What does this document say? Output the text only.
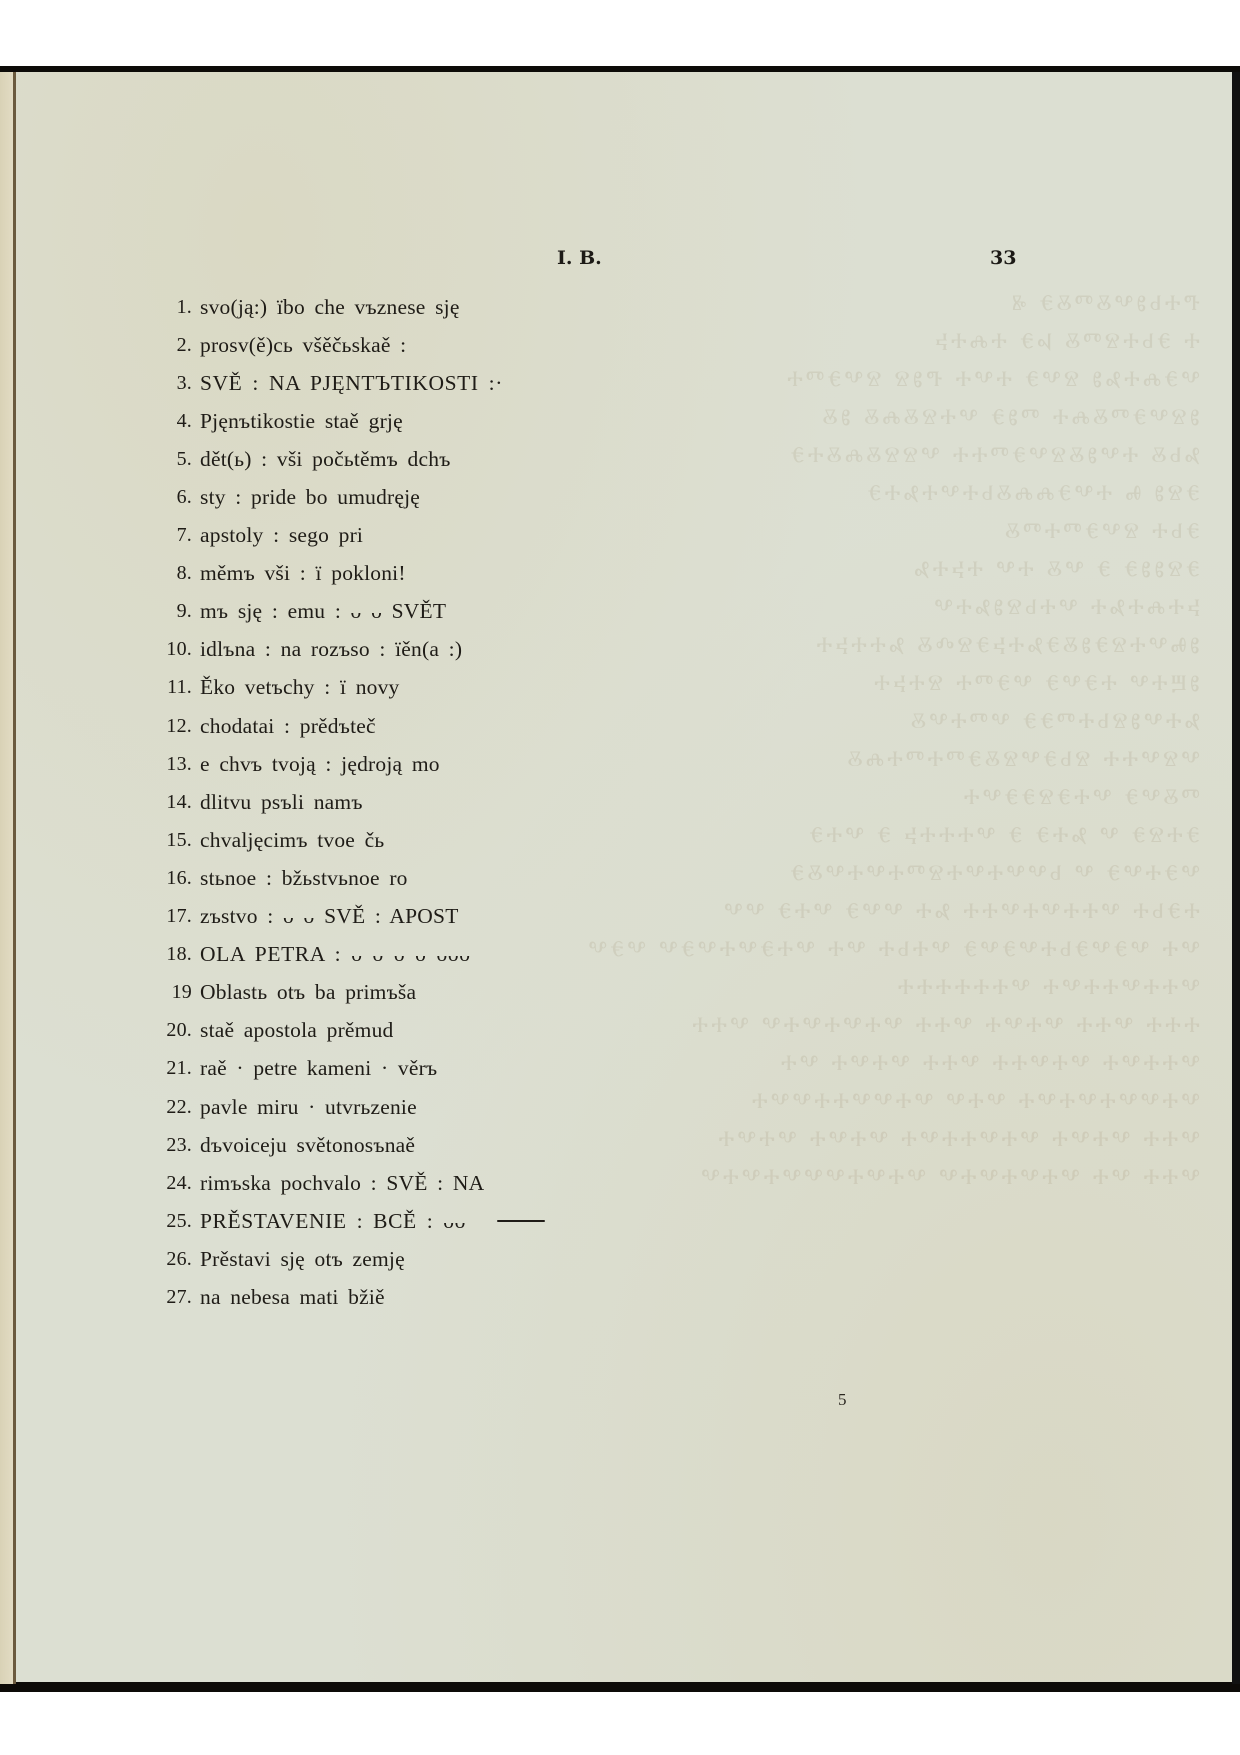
I. B.	33
1. svo(ją:) ïbo che vъznese sję
2. prosv(ě)cь všěčьskaě :
3. SVĚ : NA PJĘNTЪTIKOSTI :·
4. Pjęnъtikostie staě grję
5. dět(ь) : vši počьtěmъ dchъ
6. sty : pride bo umudręję
7. apstoly : sego pri
8. měmъ vši : ï pokloni!
9. mъ sję : emu : ᴗ ᴗ SVĚT
10. idlъna : na rozъso : ïěn(a :)
11. Ěko vetъchy : ï novy
12. chodatai : prědъteč
13. e chvъ tvoją : jędroją mo
14. dlitvu psъli namъ
15. chvaljęcimъ tvoe čь
16. stьnoe : bžьstvьnoe ro
17. zъstvo : ᴗ ᴗ SVĚ : APOST
18. OLA PETRA : ᴗ ᴗ ᴗ ᴗ ᴗᴗᴗ
19 Oblastь otъ ba primъša
20. staě apostola prěmud
21. raě · petre kameni · věrъ
22. pavle miru · utvrьzenie
23. dъvoiceju světonosъnaě
24. rimъska pochvalo : SVĚ : NA
25. PRĚSTAVENIE : BCĚ : ᴗᴗ
26. Prěstavi sję otъ zemję
27. na nebesa mati bžiě
5
